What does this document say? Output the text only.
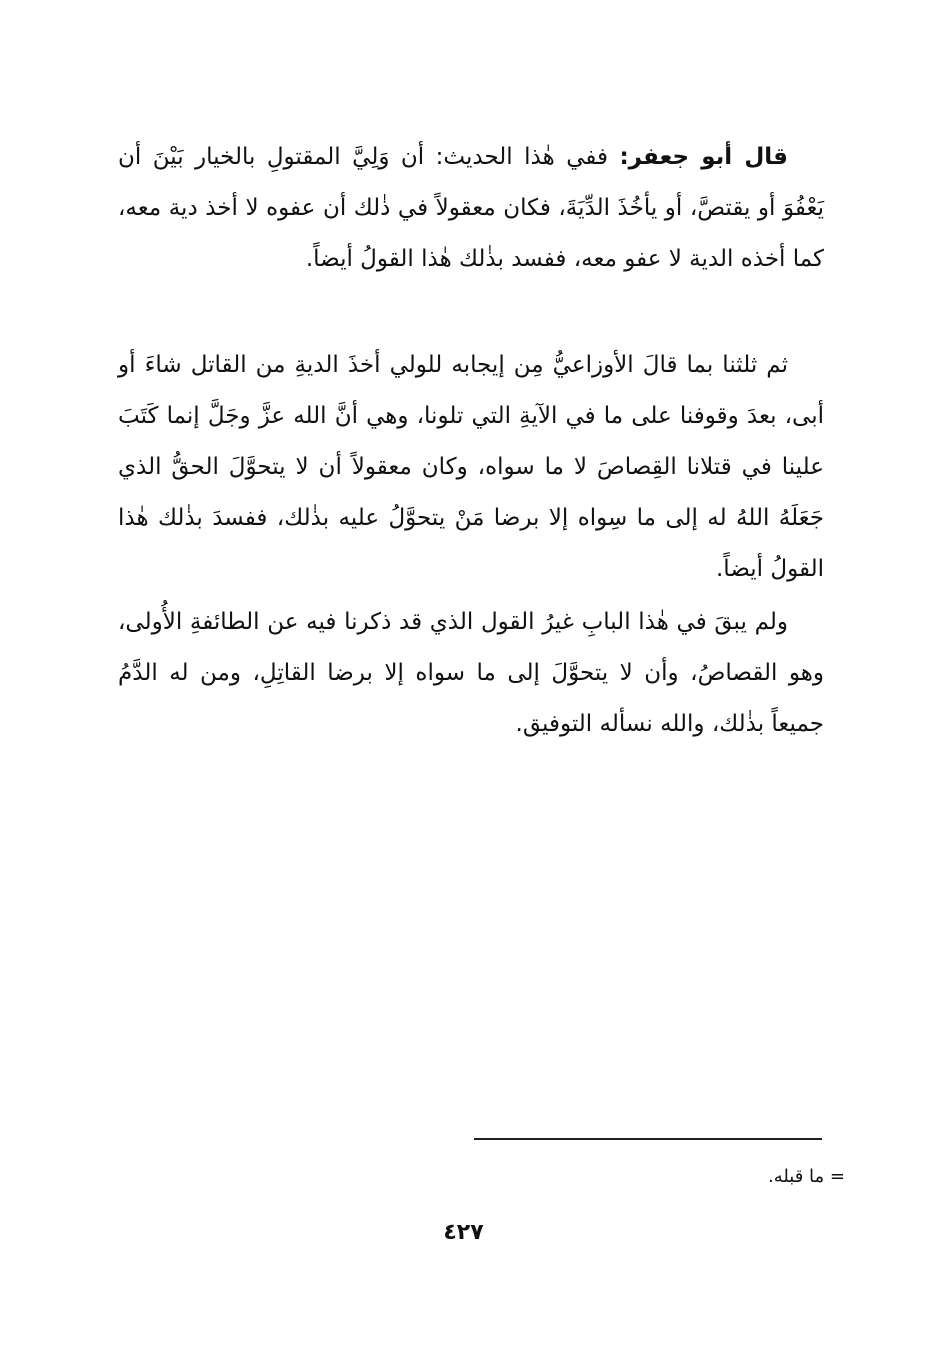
قال أبو جعفر: ففي هٰذا الحديث: أن وَلِيَّ المقتولِ بالخيار بَيْنَ أن يَعْفُوَ أو يقتصَّ، أو يأخُذَ الدِّيَةَ، فكان معقولاً في ذٰلك أن عفوه لا أخذ دية معه، كما أخذه الدية لا عفو معه، ففسد بذٰلك هٰذا القولُ أيضاً.

ثم ثلثنا بما قالَ الأوزاعيُّ مِن إيجابه للولي أخذَ الديةِ من القاتل شاءَ أو أبى، بعدَ وقوفنا على ما في الآيةِ التي تلونا، وهي أنَّ الله عزَّ وجَلَّ إنما كَتَبَ علينا في قتلانا القِصاصَ لا ما سواه، وكان معقولاً أن لا يتحوَّلَ الحقُّ الذي جَعَلَهُ اللهُ له إلى ما سِواه إلا برضا مَنْ يتحوَّلُ عليه بذٰلك، ففسدَ بذٰلك هٰذا القولُ أيضاً.

ولم يبقَ في هٰذا البابِ غيرُ القول الذي قد ذكرنا فيه عن الطائفةِ الأُولى، وهو القصاصُ، وأن لا يتحوَّلَ إلى ما سواه إلا برضا القاتِلِ، ومن له الدَّمُ جميعاً بذٰلك، والله نسأله التوفيق.

= ما قبله.
٤٢٧
